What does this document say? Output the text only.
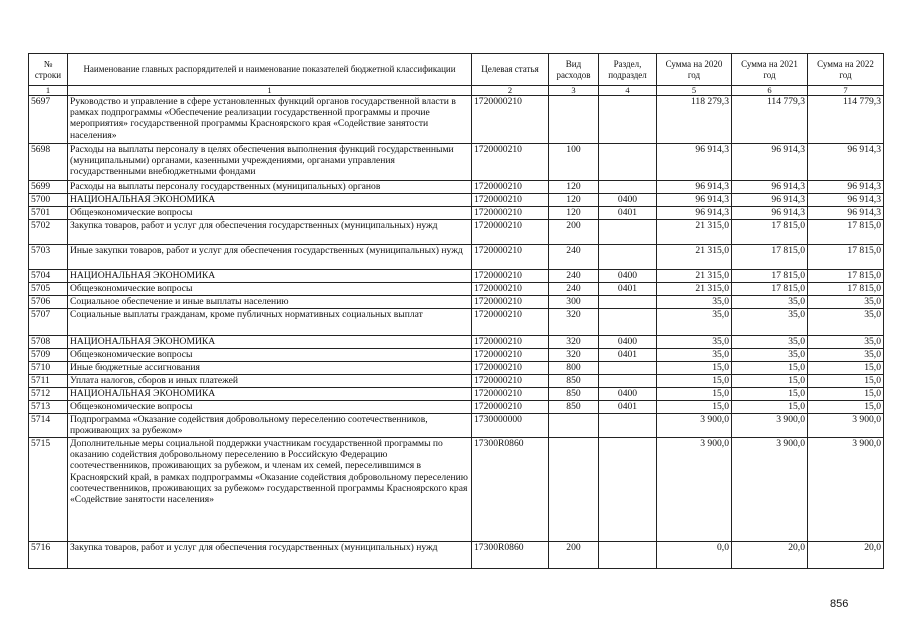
№ строки	Наименование главных распорядителей и наименование показателей бюджетной классификации	Целевая статья	Вид расходов	Раздел, подраздел	Сумма на 2020 год	Сумма на 2021 год	Сумма на 2022 год
1	1	2	3	4	5	6	7
5697	Руководство и управление в сфере установленных функций органов государственной власти в рамках подпрограммы «Обеспечение реализации государственной программы и прочие мероприятия» государственной программы Красноярского края «Содействие занятости населения»	1720000210			118 279,3	114 779,3	114 779,3
5698	Расходы на выплаты персоналу в целях обеспечения выполнения функций государственными (муниципальными) органами, казенными учреждениями, органами управления государственными внебюджетными фондами	1720000210	100		96 914,3	96 914,3	96 914,3
5699	Расходы на выплаты персоналу государственных (муниципальных) органов	1720000210	120		96 914,3	96 914,3	96 914,3
5700	НАЦИОНАЛЬНАЯ ЭКОНОМИКА	1720000210	120	0400	96 914,3	96 914,3	96 914,3
5701	Общеэкономические вопросы	1720000210	120	0401	96 914,3	96 914,3	96 914,3
5702	Закупка товаров, работ и услуг для обеспечения государственных (муниципальных) нужд	1720000210	200		21 315,0	17 815,0	17 815,0
5703	Иные закупки товаров, работ и услуг для обеспечения государственных (муниципальных) нужд	1720000210	240		21 315,0	17 815,0	17 815,0
5704	НАЦИОНАЛЬНАЯ ЭКОНОМИКА	1720000210	240	0400	21 315,0	17 815,0	17 815,0
5705	Общеэкономические вопросы	1720000210	240	0401	21 315,0	17 815,0	17 815,0
5706	Социальное обеспечение и иные выплаты населению	1720000210	300		35,0	35,0	35,0
5707	Социальные выплаты гражданам, кроме публичных нормативных социальных выплат	1720000210	320		35,0	35,0	35,0
5708	НАЦИОНАЛЬНАЯ ЭКОНОМИКА	1720000210	320	0400	35,0	35,0	35,0
5709	Общеэкономические вопросы	1720000210	320	0401	35,0	35,0	35,0
5710	Иные бюджетные ассигнования	1720000210	800		15,0	15,0	15,0
5711	Уплата налогов, сборов и иных платежей	1720000210	850		15,0	15,0	15,0
5712	НАЦИОНАЛЬНАЯ ЭКОНОМИКА	1720000210	850	0400	15,0	15,0	15,0
5713	Общеэкономические вопросы	1720000210	850	0401	15,0	15,0	15,0
5714	Подпрограмма «Оказание содействия добровольному переселению соотечественников, проживающих за рубежом»	1730000000			3 900,0	3 900,0	3 900,0
5715	Дополнительные меры социальной поддержки участникам государственной программы по оказанию содействия добровольному переселению в Российскую Федерацию соотечественников, проживающих за рубежом, и членам их семей, переселившимся в Красноярский край, в рамках подпрограммы «Оказание содействия добровольному переселению соотечественников, проживающих за рубежом» государственной программы Красноярского края «Содействие занятости населения»	17300R0860			3 900,0	3 900,0	3 900,0
5716	Закупка товаров, работ и услуг для обеспечения государственных (муниципальных) нужд	17300R0860	200		0,0	20,0	20,0
856
